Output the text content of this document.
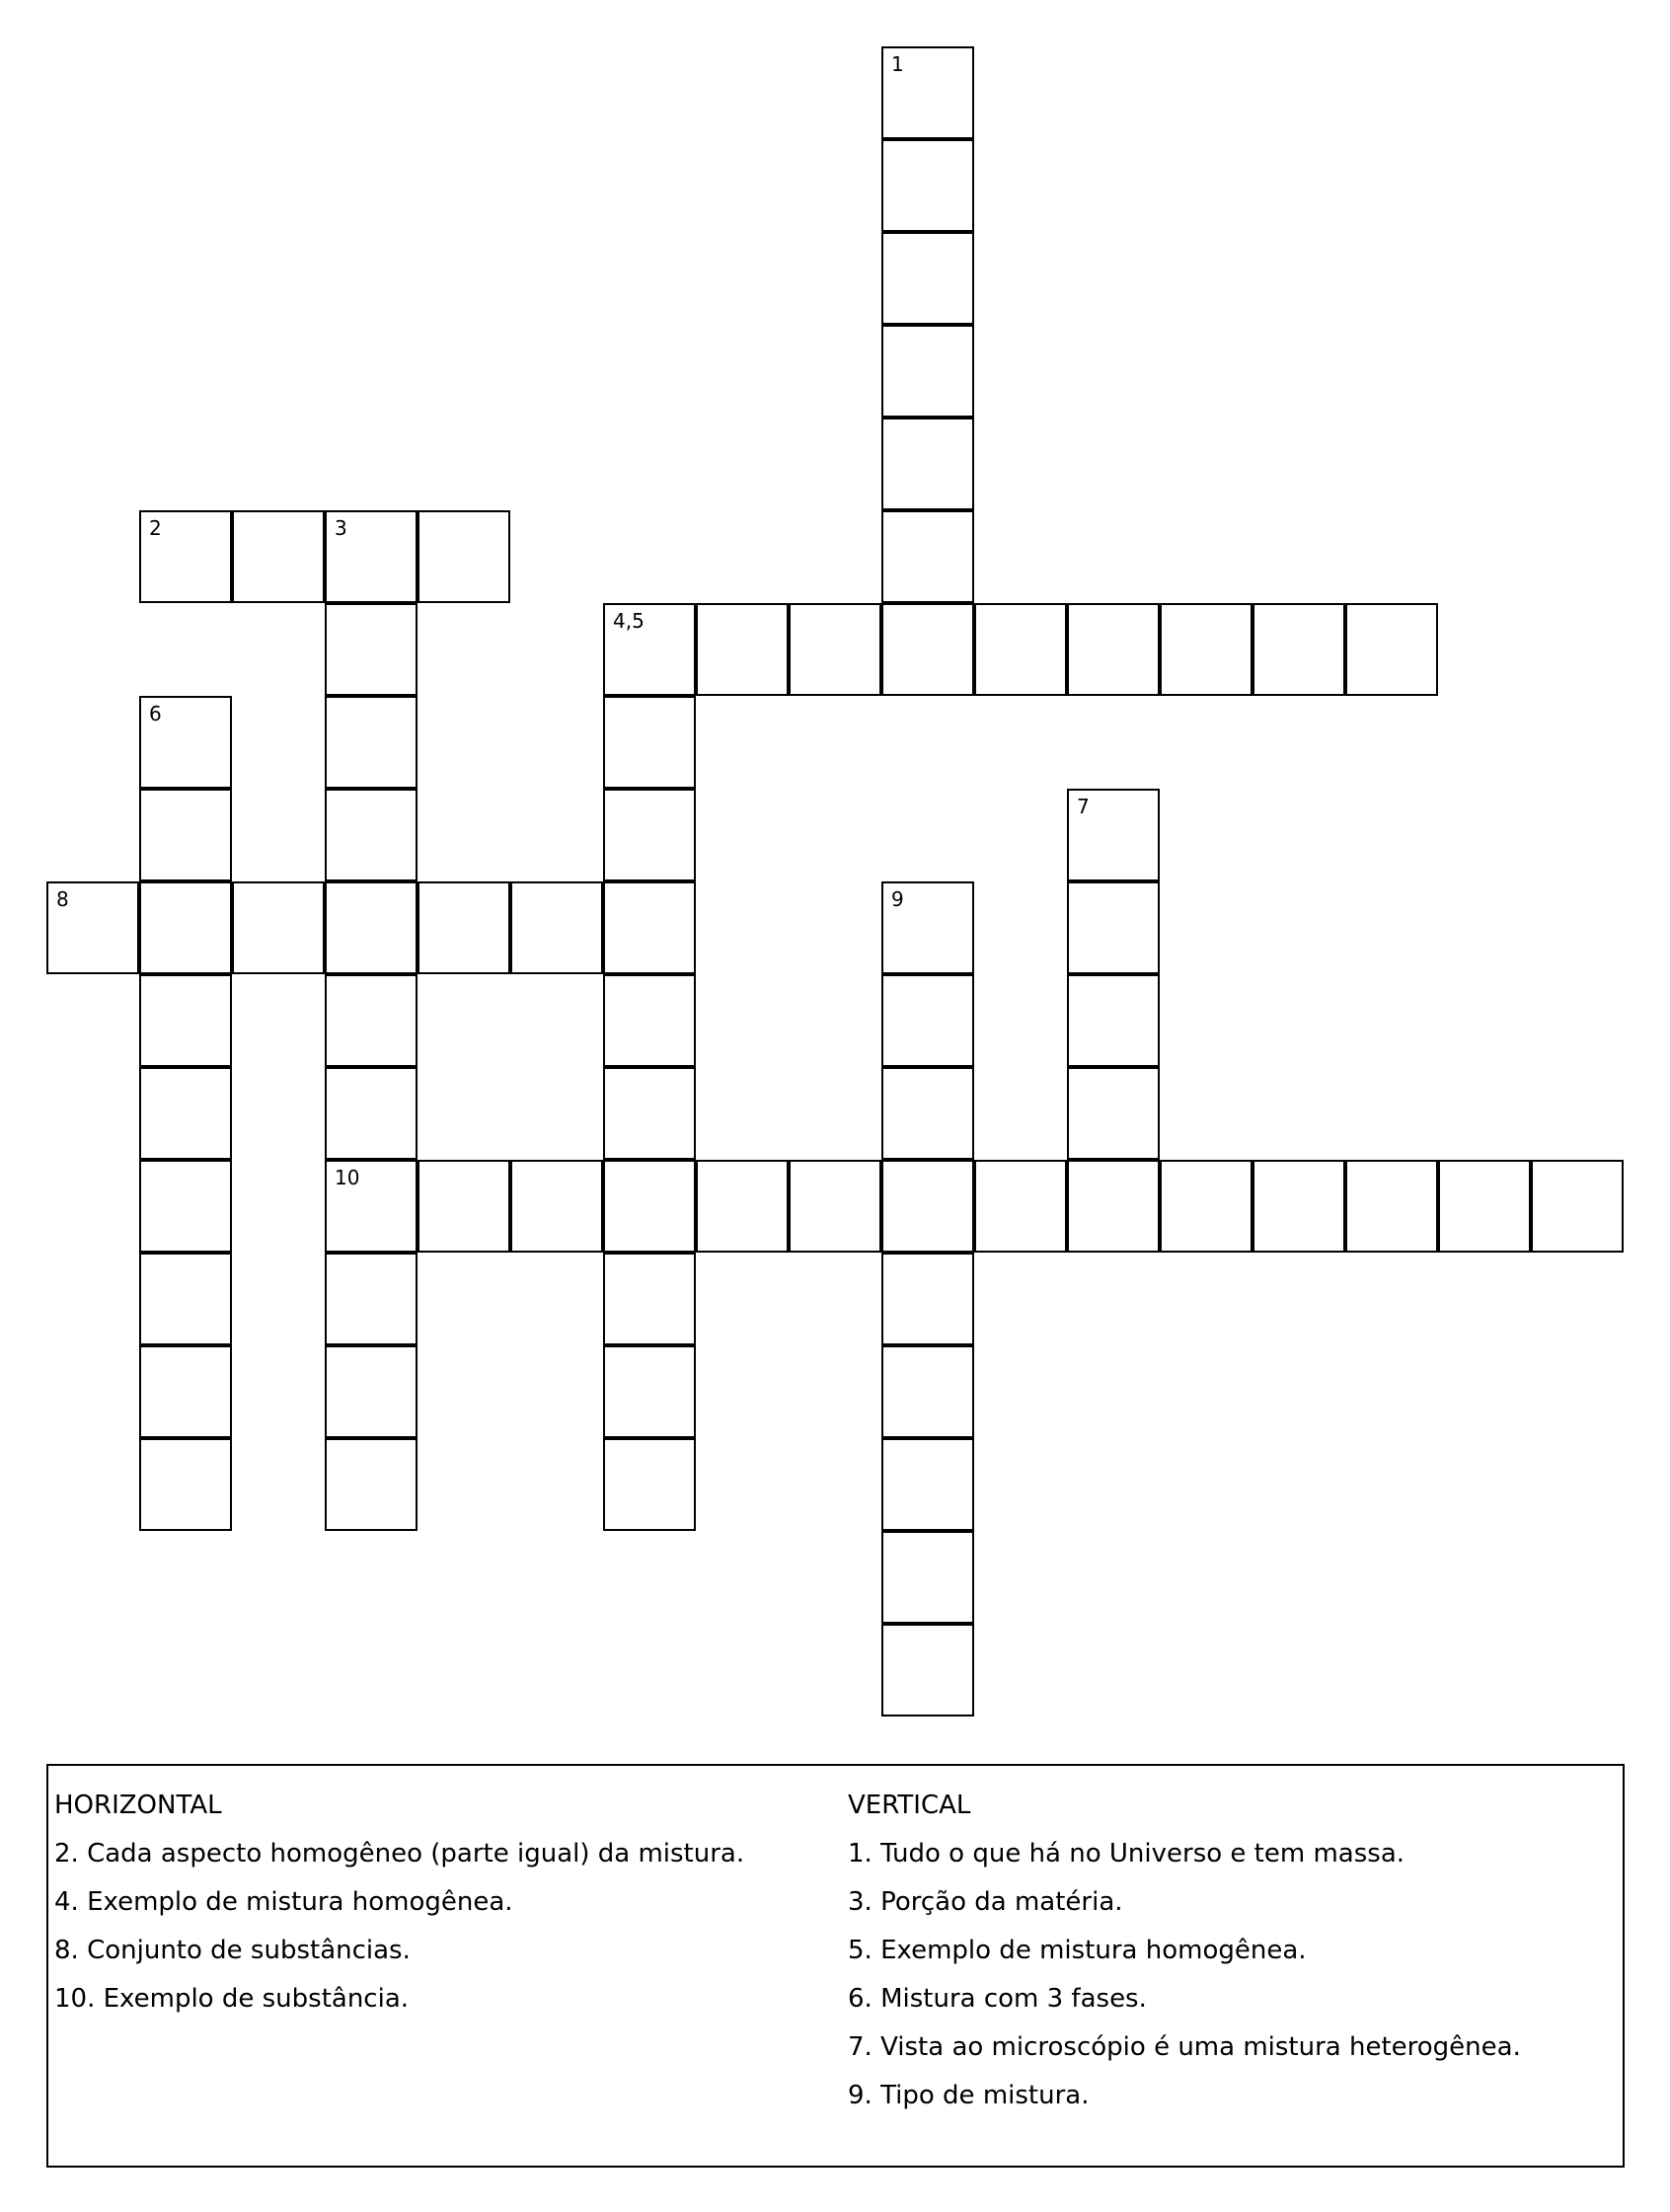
1
2	3
10
4,5
6
7
8	9
HORIZONTAL
2. Cada aspecto homogêneo (parte igual) da mistura.
4. Exemplo de mistura homogênea.
8. Conjunto de substâncias.
10. Exemplo de substância.
VERTICAL
1. Tudo o que há no Universo e tem massa.
3. Porção da matéria.
5. Exemplo de mistura homogênea.
6. Mistura com 3 fases.
7. Vista ao microscópio é uma mistura heterogênea.
9. Tipo de mistura.
